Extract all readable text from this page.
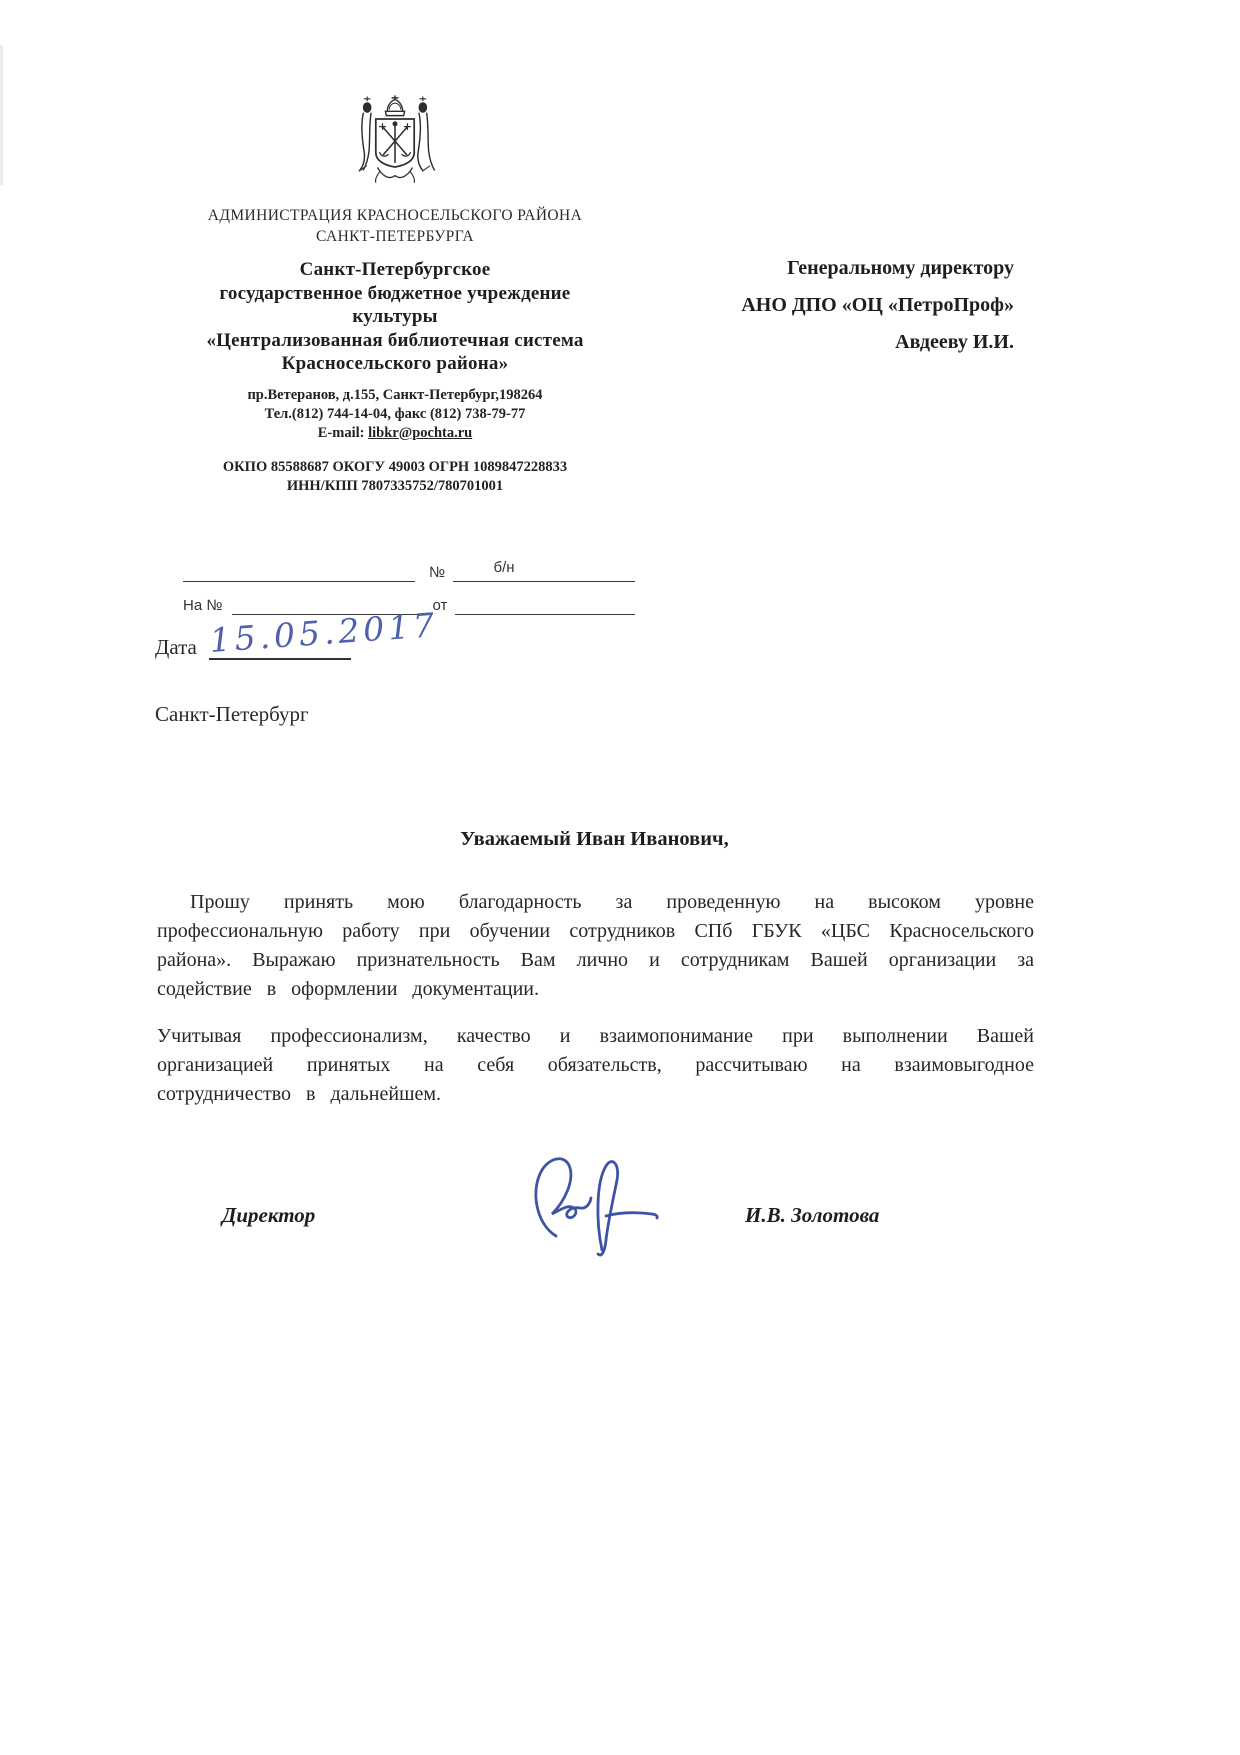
АДМИНИСТРАЦИЯ КРАСНОСЕЛЬСКОГО РАЙОНА
САНКТ-ПЕТЕРБУРГА
Санкт-Петербургское
государственное бюджетное учреждение
культуры
«Централизованная библиотечная система
Красносельского района»
пр.Ветеранов, д.155, Санкт-Петербург,198264
Тел.(812) 744-14-04, факс (812) 738-79-77
E-mail: libkr@pochta.ru
ОКПО 85588687 ОКОГУ 49003 ОГРН 1089847228833
ИНН/КПП 7807335752/780701001
Генеральному директору
АНО ДПО «ОЦ «ПетроПроф»
Авдееву И.И.
№	б/н
На №	от
Дата 15.05.2017
Санкт-Петербург
Уважаемый Иван Иванович,

Прошу принять мою благодарность за проведенную на высоком уровне профессиональную работу при обучении сотрудников СПб ГБУК «ЦБС Красносельского района». Выражаю признательность Вам лично и сотрудникам Вашей организации за содействие в оформлении документации.

Учитывая профессионализм, качество и взаимопонимание при выполнении Вашей организацией принятых на себя обязательств, рассчитываю на взаимовыгодное сотрудничество в дальнейшем.

Директор	И.В. Золотова
